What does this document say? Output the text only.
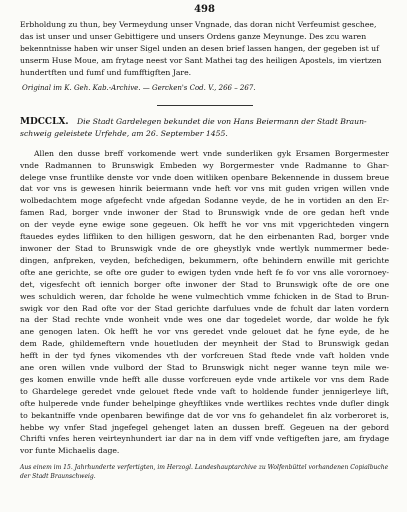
498
Erbholdung zu thun, bey Vermeydung unser Vngnade, das doran nicht Verfeumist geschee,
das ist unser und unser Gebittigere und unsers Ordens ganze Meynunge. Des zcu waren
bekenntnisse haben wir unser Sigel unden an desen brief lassen hangen, der gegeben ist uf
unserm Huse Moue, am frytage neest vor Sant Mathei tag des heiligen Apostels, im viertzen
hundertften und fumf und fumfftigften Jare.
Original im K. Geh. Kab.-Archive. — Gercken's Cod. V., 266 – 267.
MDCCLX. Die Stadt Gardelegen bekundet die von Hans Beiermann der Stadt Braun-
schweig geleistete Urfehde, am 26. September 1455.
Allen den dusse breff vorkomende wert vnde sunderliken gyk Ersamen Borgermester
vnde Radmannen to Brunswigk Embeden wy Borgermester vnde Radmanne to Ghar-
delege vnse fruntlike denste vor vnde doen witliken openbare Bekennende in dussem breue
dat vor vns is gewesen hinrik beiermann vnde heft vor vns mit guden vrigen willen vnde
wolbedachtem moge afgefecht vnde afgedan Sodanne veyde, de he in vortiden an den Er-
famen Rad, borger vnde inwoner der Stad to Brunswigk vnde de ore gedan heft vnde
on der veyde eyne ewige sone gegeuen. Ok hefft he vor vns mit vpgerichteden vingern
ftauedes eydes liffliken to den hilligen gesworn, dat he den eirbenanten Rad, borger vnde
inwoner der Stad to Brunswigk vnde de ore gheystlyk vnde wertlyk nummermer bede-
dingen, anfpreken, veyden, befchedigen, bekummern, ofte behindern enwille mit gerichte
ofte ane gerichte, se ofte ore guder to ewigen tyden vnde heft fe fo vor vns alle vorornoey-
det, vigesfecht oft iennich borger ofte inwoner der Stad to Brunswigk ofte de ore one
wes schuldich weren, dar fcholde he wene vulmechtich vmme fchicken in de Stad to Brun-
swigk vor den Rad ofte vor der Stad gerichte darfulues vnde de fchult dar laten vordern
na der Stad rechte vnde wonheit vnde wes one dar togedelet worde, dar wolde he fyk
ane genogen laten. Ok hefft he vor vns geredet vnde gelouet dat he fyne eyde, de he
dem Rade, ghildemeftern vnde houetluden der meynheit der Stad to Brunswigk gedan
hefft in der tyd fynes vikomendes vth der vorfcreuen Stad ftede vnde vaft holden vnde
ane oren willen vnde vulbord der Stad to Brunswigk nicht neger wanne teyn mile we-
ges komen enwille vnde hefft alle dusse vorfcreuen eyde vnde artikele vor vns dem Rade
to Ghardelege geredet vnde gelouet ftede vnde vaft to holdende funder jennigerleye lift,
ofte hulperede vnde funder behelpinge gheyftlikes vnde wertlikes rechtes vnde dufler dingk
to bekantniffe vnde openbaren bewifinge dat de vor vns fo gehandelet fin alz vorberoret is,
hebbe wy vnfer Stad jngefegel gehenget laten an dussen breff. Gegeuen na der gebord
Chrifti vnfes heren veirteynhundert iar dar na in dem viff vnde veftigeften jare, am frydage
vor funte Michaelis dage.
Aus einem im 15. Jahrhunderte verfertigten, im Herzogl. Landeshauptarchive zu Wolfenbüttel vorhandenen Copialbuche
der Stadt Braunschweig.
